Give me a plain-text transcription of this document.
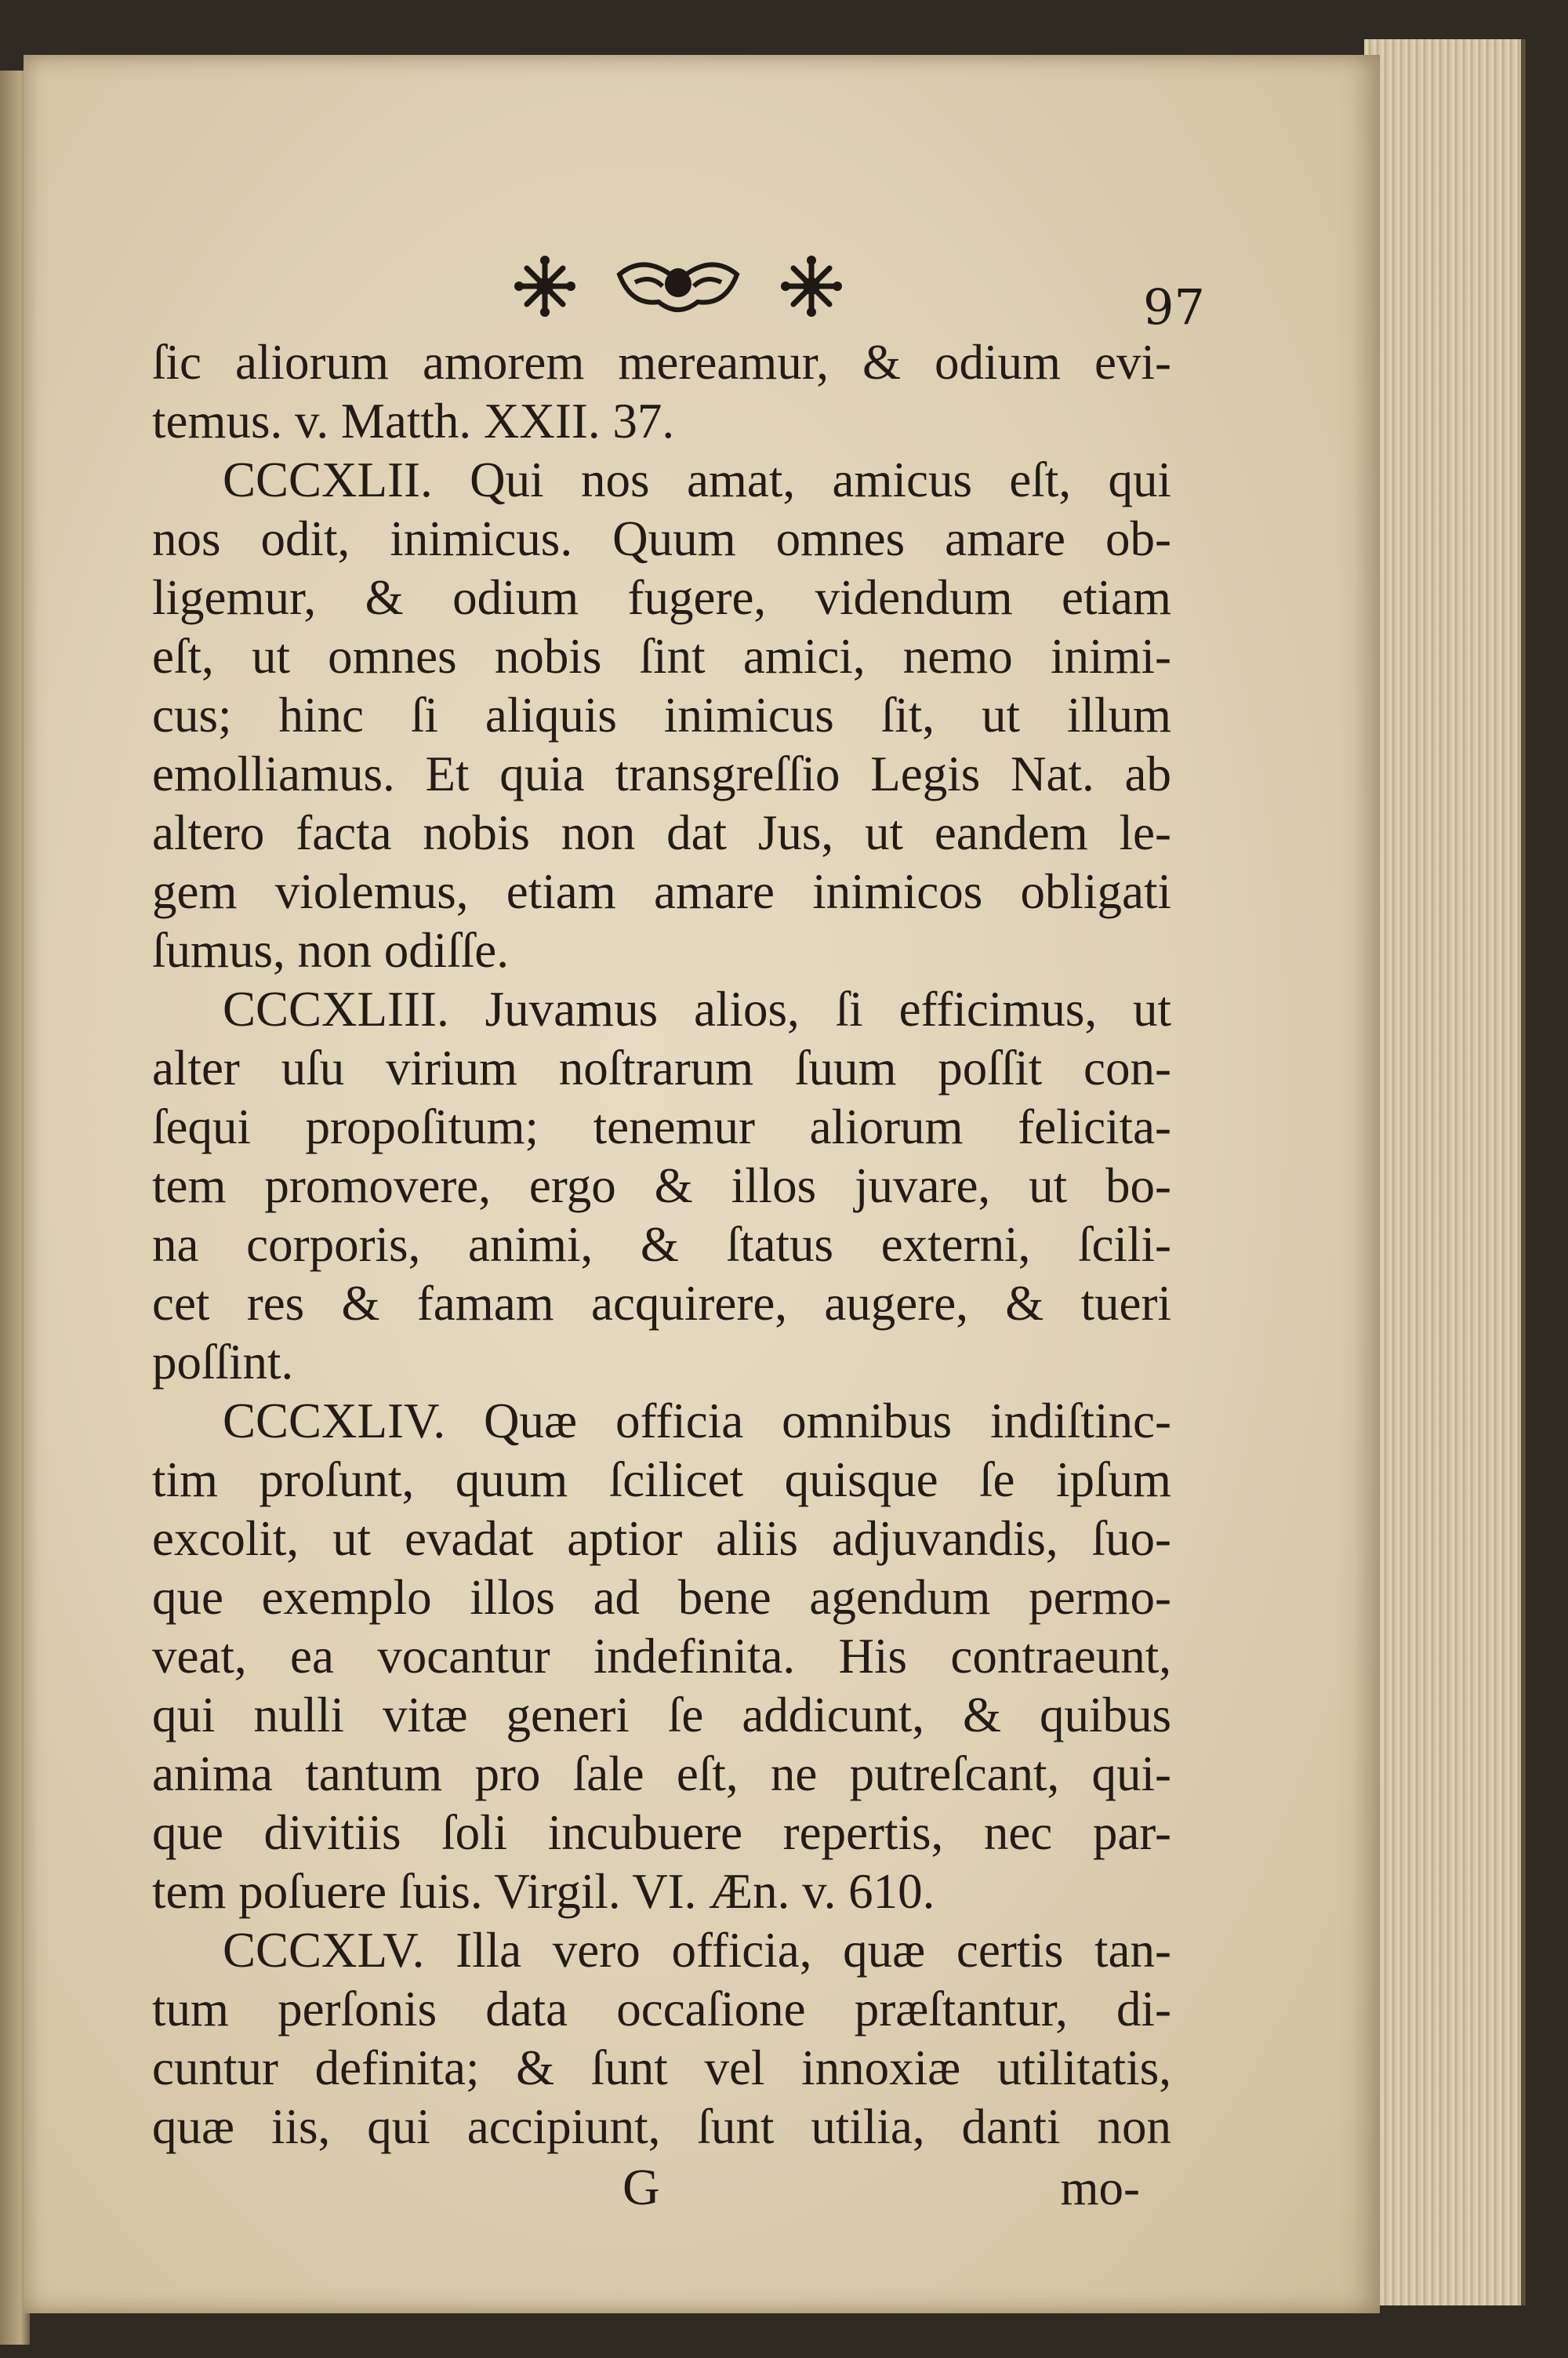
97
ſic aliorum amorem mereamur, & odium evi-
temus. v. Matth. XXII. 37.
CCCXLII. Qui nos amat, amicus eſt, qui
nos odit, inimicus. Quum omnes amare ob-
ligemur, & odium fugere, videndum etiam
eſt, ut omnes nobis ſint amici, nemo inimi-
cus; hinc ſi aliquis inimicus ſit, ut illum
emolliamus. Et quia transgreſſio Legis Nat. ab
altero facta nobis non dat Jus, ut eandem le-
gem violemus, etiam amare inimicos obligati
ſumus, non odiſſe.
CCCXLIII. Juvamus alios, ſi efficimus, ut
alter uſu virium noſtrarum ſuum poſſit con-
ſequi propoſitum; tenemur aliorum felicita-
tem promovere, ergo & illos juvare, ut bo-
na corporis, animi, & ſtatus externi, ſcili-
cet res & famam acquirere, augere, & tueri
poſſint.
CCCXLIV. Quæ officia omnibus indiſtinc-
tim proſunt, quum ſcilicet quisque ſe ipſum
excolit, ut evadat aptior aliis adjuvandis, ſuo-
que exemplo illos ad bene agendum permo-
veat, ea vocantur indefinita. His contraeunt,
qui nulli vitæ generi ſe addicunt, & quibus
anima tantum pro ſale eſt, ne putreſcant, qui-
que divitiis ſoli incubuere repertis, nec par-
tem poſuere ſuis. Virgil. VI. Æn. v. 610.
CCCXLV. Illa vero officia, quæ certis tan-
tum perſonis data occaſione præſtantur, di-
cuntur definita; & ſunt vel innoxiæ utilitatis,
quæ iis, qui accipiunt, ſunt utilia, danti non
G	mo-
